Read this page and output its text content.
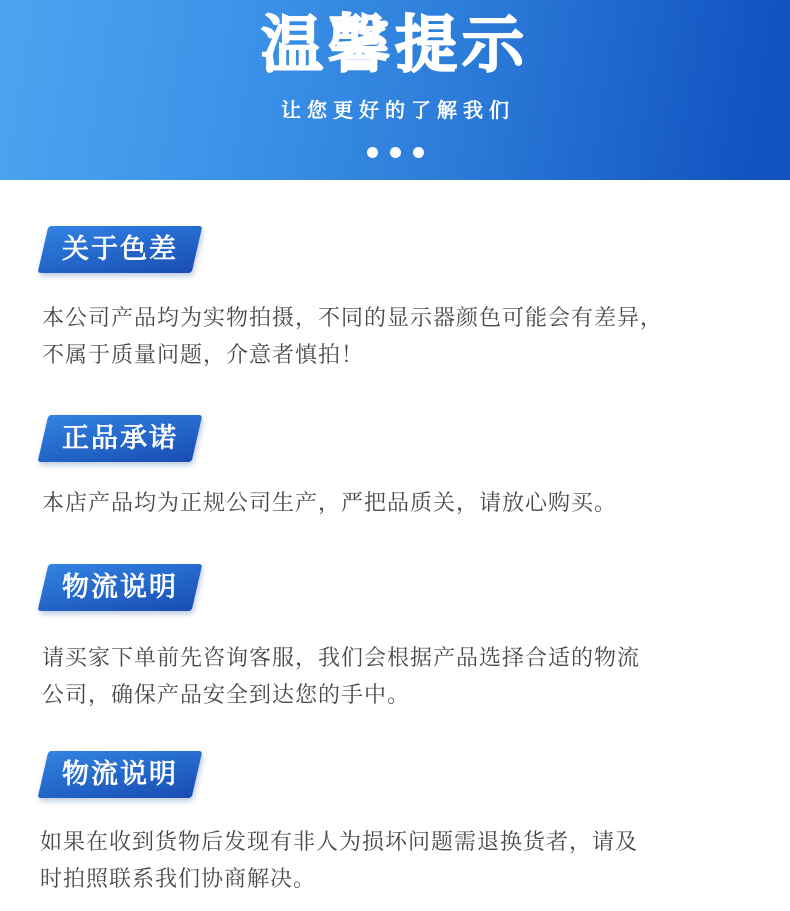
温馨提示
让您更好的了解我们
关于色差
本公司产品均为实物拍摄，不同的显示器颜色可能会有差异，
不属于质量问题，介意者慎拍！
正品承诺
本店产品均为正规公司生产，严把品质关，请放心购买。
物流说明
请买家下单前先咨询客服，我们会根据产品选择合适的物流
公司，确保产品安全到达您的手中。
物流说明
如果在收到货物后发现有非人为损坏问题需退换货者，请及
时拍照联系我们协商解决。
